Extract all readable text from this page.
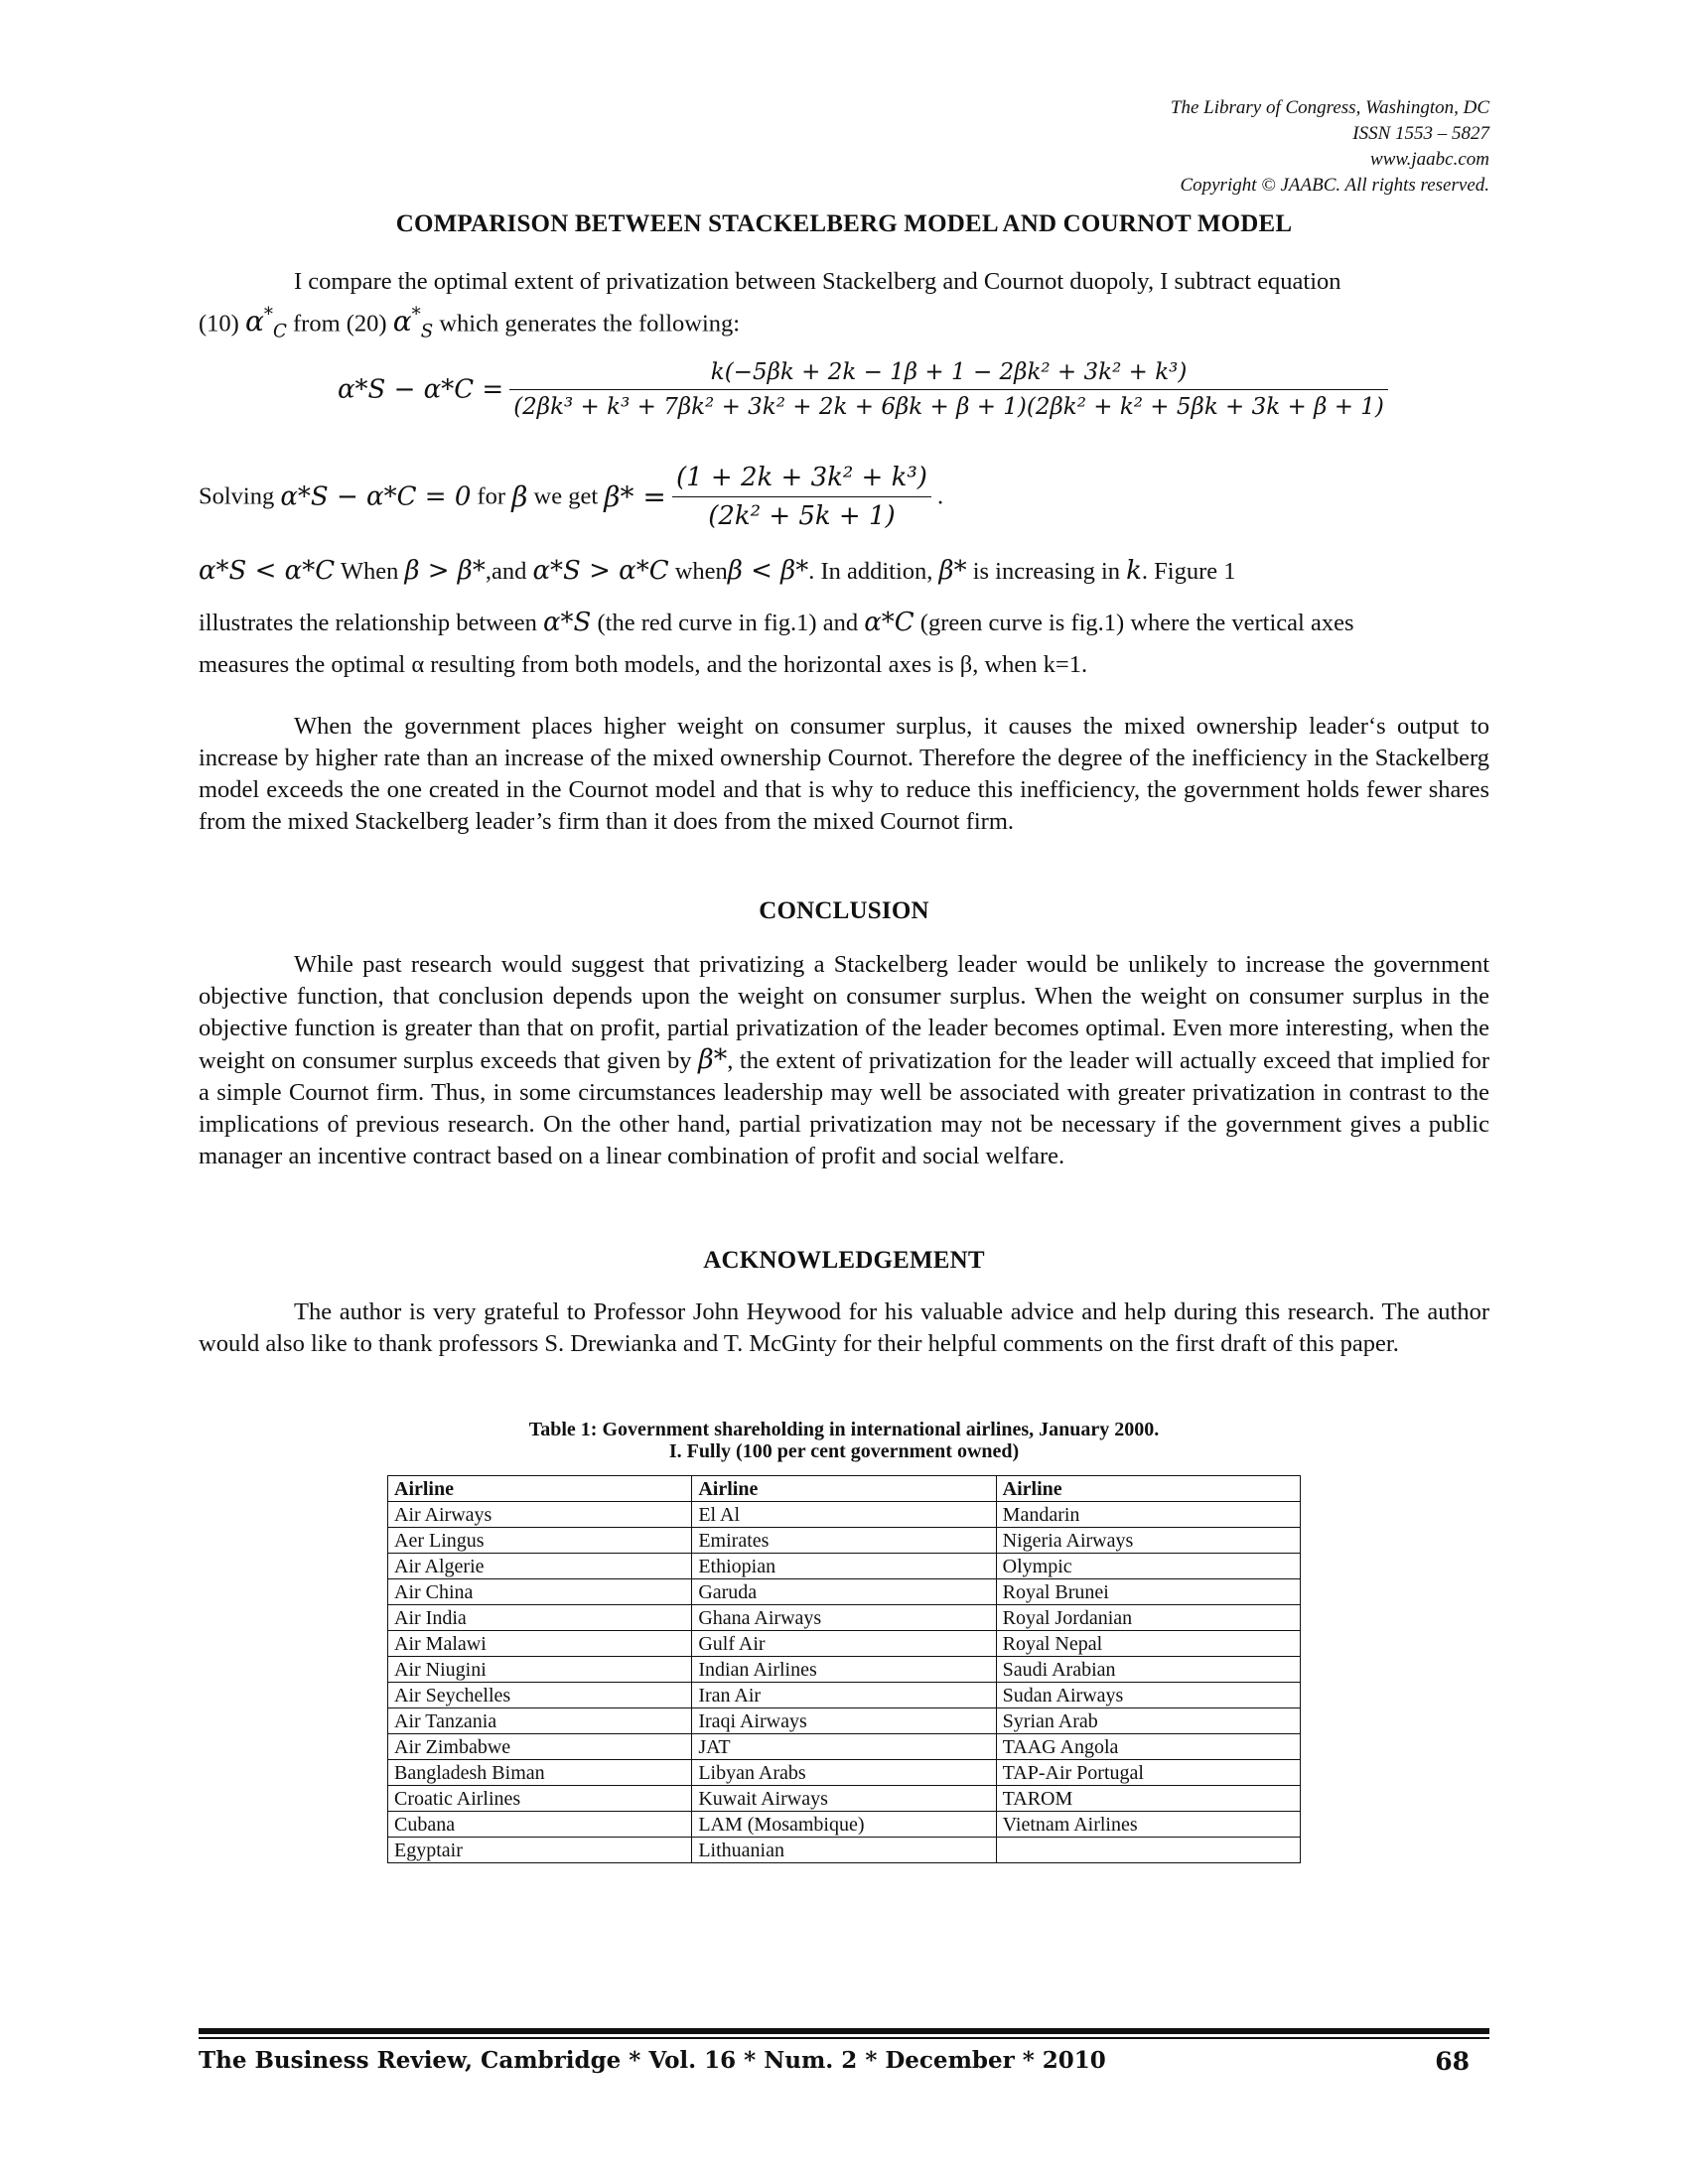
The Library of Congress, Washington, DC
ISSN 1553 – 5827
www.jaabc.com
Copyright © JAABC. All rights reserved.
COMPARISON BETWEEN STACKELBERG MODEL AND COURNOT MODEL
I compare the optimal extent of privatization between Stackelberg and Cournot duopoly, I subtract equation
(10) $\alpha^*_C$ from (20) $\alpha^*_S$ which generates the following:
α*S − α*C =
k(−5βk + 2k − 1β + 1 − 2βk² + 3k² + k³)
(2βk³ + k³ + 7βk² + 3k² + 2k + 6βk + β + 1)(2βk² + k² + 5βk + 3k + β + 1)
Solving α*S − α*C = 0 for β we get $\beta* = \frac{\text{(1 + 2k + 3k² + k³)}}{\text{(2k² + 5k + 1)}}$ .
α*S < α*C When β > β*,and α*S > α*C whenβ < β*. In addition, β* is increasing in k. Figure 1
illustrates the relationship between α*S (the red curve in fig.1) and α*C (green curve is fig.1) where the vertical axes
measures the optimal α resulting from both models, and the horizontal axes is β, when k=1.

When the government places higher weight on consumer surplus, it causes the mixed ownership leader‘s output to increase by higher rate than an increase of the mixed ownership Cournot. Therefore the degree of the inefficiency in the Stackelberg model exceeds the one created in the Cournot model and that is why to reduce this inefficiency, the government holds fewer shares from the mixed Stackelberg leader’s firm than it does from the mixed Cournot firm.

CONCLUSION

While past research would suggest that privatizing a Stackelberg leader would be unlikely to increase the government objective function, that conclusion depends upon the weight on consumer surplus. When the weight on consumer surplus in the objective function is greater than that on profit, partial privatization of the leader becomes optimal. Even more interesting, when the weight on consumer surplus exceeds that given by β*, the extent of privatization for the leader will actually exceed that implied for a simple Cournot firm. Thus, in some circumstances leadership may well be associated with greater privatization in contrast to the implications of previous research. On the other hand, partial privatization may not be necessary if the government gives a public manager an incentive contract based on a linear combination of profit and social welfare.

ACKNOWLEDGEMENT

The author is very grateful to Professor John Heywood for his valuable advice and help during this research. The author would also like to thank professors S. Drewianka and T. McGinty for their helpful comments on the first draft of this paper.

Table 1: Government shareholding in international airlines, January 2000.
I. Fully (100 per cent government owned)
Airline	Airline	Airline
Air Airways	El Al	Mandarin
Aer Lingus	Emirates	Nigeria Airways
Air Algerie	Ethiopian	Olympic
Air China	Garuda	Royal Brunei
Air India	Ghana Airways	Royal Jordanian
Air Malawi	Gulf Air	Royal Nepal
Air Niugini	Indian Airlines	Saudi Arabian
Air Seychelles	Iran Air	Sudan Airways
Air Tanzania	Iraqi Airways	Syrian Arab
Air Zimbabwe	JAT	TAAG Angola
Bangladesh Biman	Libyan Arabs	TAP-Air Portugal
Croatic Airlines	Kuwait Airways	TAROM
Cubana	LAM (Mosambique)	Vietnam Airlines
Egyptair	Lithuanian	
The Business Review, Cambridge * Vol. 16 * Num. 2 * December * 2010	68
